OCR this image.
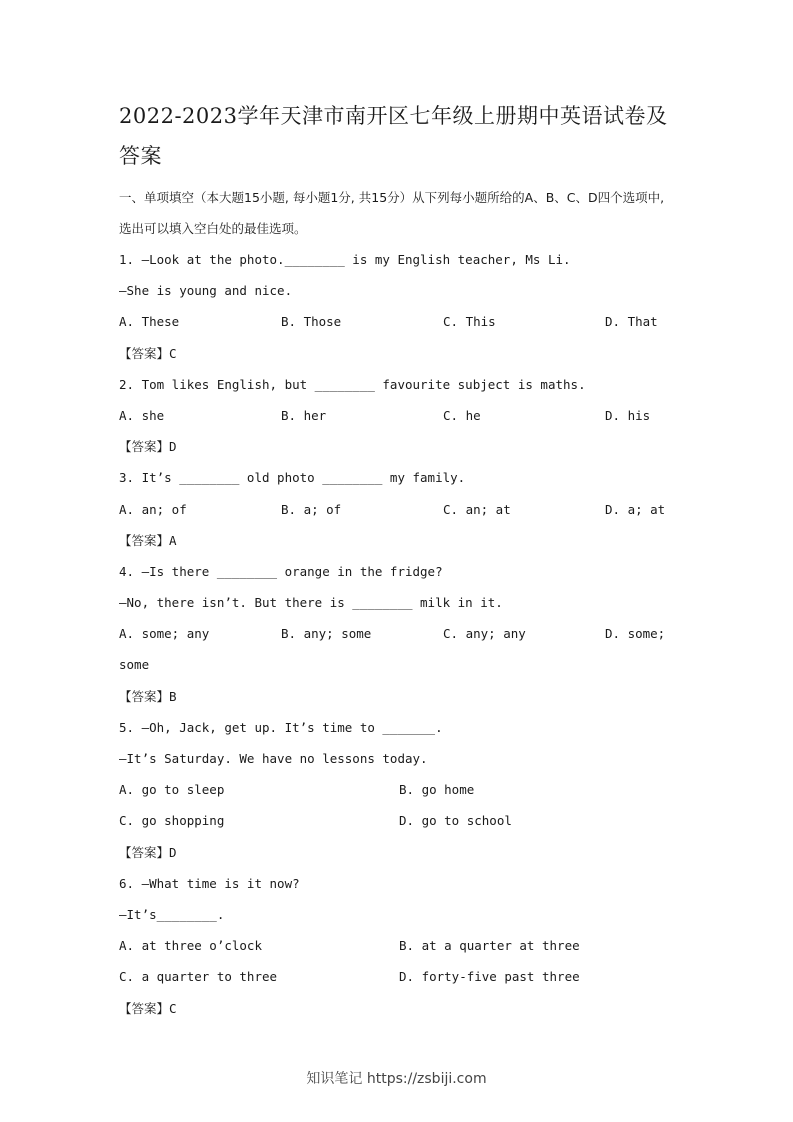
2022-2023学年天津市南开区七年级上册期中英语试卷及答案

一、单项填空（本大题15小题, 每小题1分, 共15分）从下列每小题所给的A、B、C、D四个选项中, 选出可以填入空白处的最佳选项。

1. —Look at the photo.________ is my English teacher, Ms Li.
—She is young and nice.
A. These	B. Those	C. This	D. That
【答案】C
2. Tom likes English, but ________ favourite subject is maths.
A. she	B. her	C. he	D. his
【答案】D
3. It’s ________ old photo ________ my family.
A. an; of	B. a; of	C. an; at	D. a; at
【答案】A
4. —Is there ________ orange in the fridge?
—No, there isn’t. But there is ________ milk in it.
A. some; any	B. any; some	C. any; any	D. some;
some
【答案】B
5. —Oh, Jack, get up. It’s time to _______.
—It’s Saturday. We have no lessons today.
A. go to sleep	B. go home
C. go shopping	D. go to school
【答案】D
6. —What time is it now?
—It’s________.
A. at three o’clock	B. at a quarter at three
C. a quarter to three	D. forty-five past three
【答案】C
知识笔记 https://zsbiji.com
